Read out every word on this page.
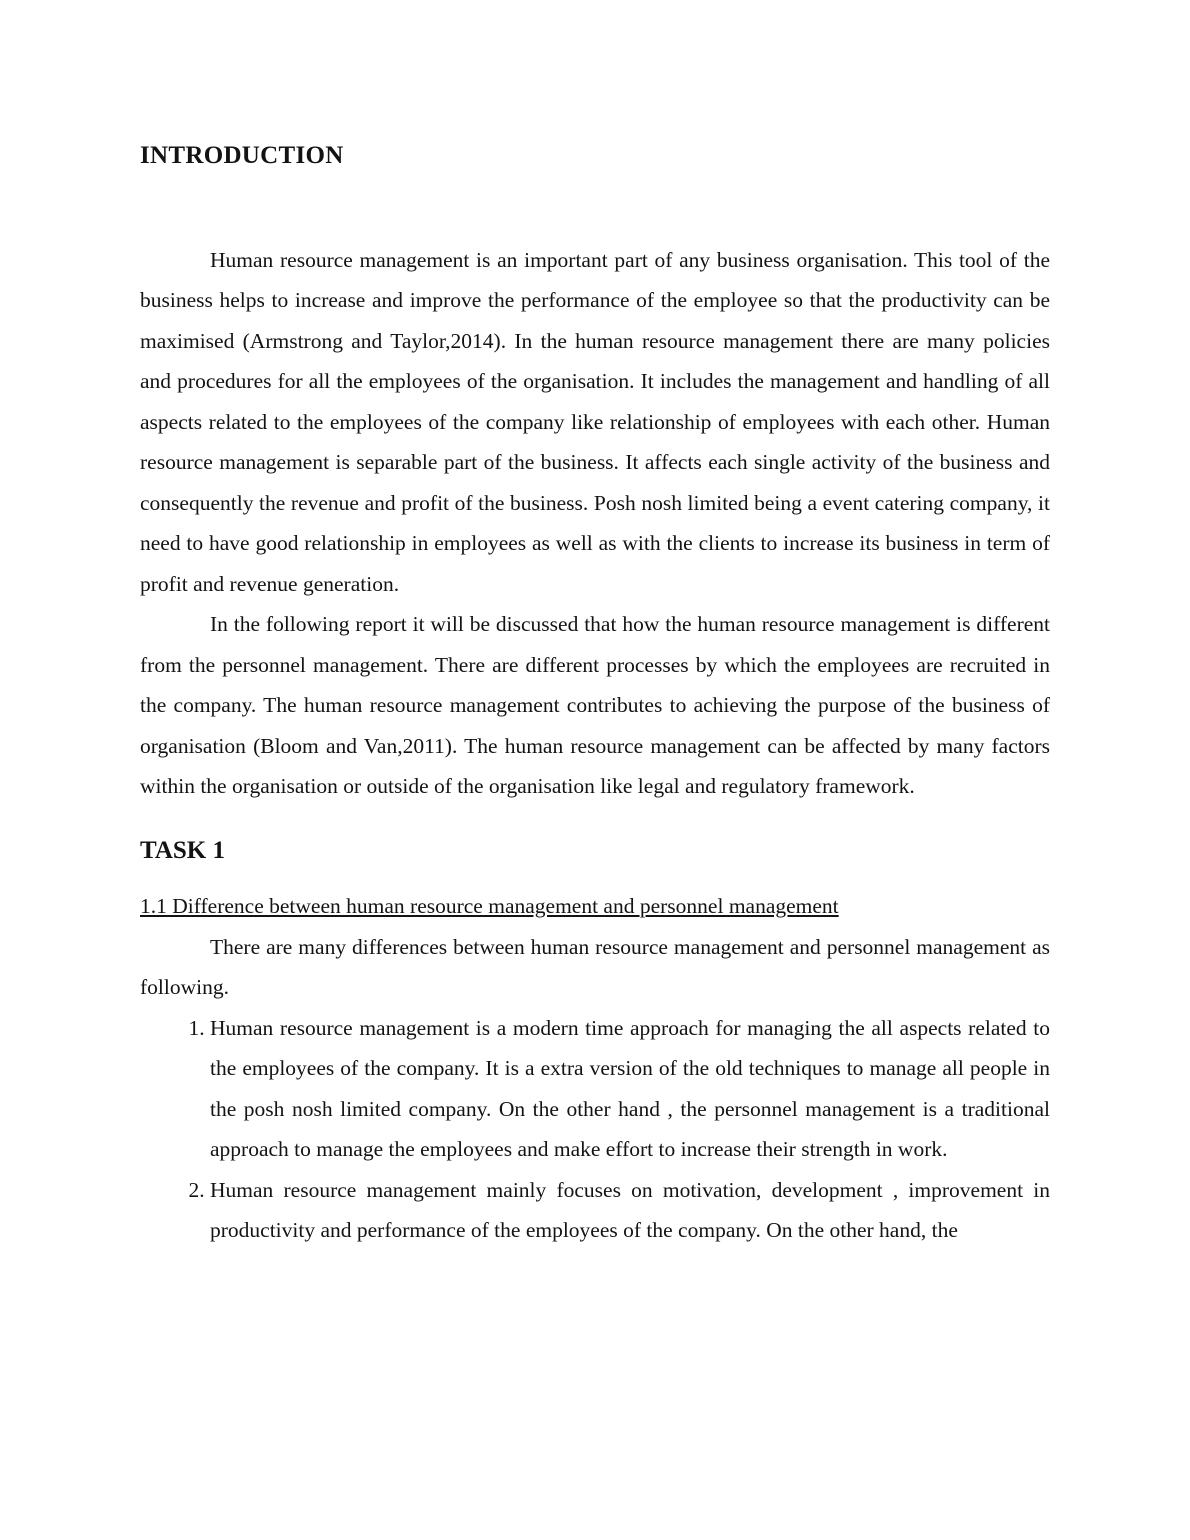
INTRODUCTION

Human resource management is an important part of any business organisation. This tool of the business helps to increase and improve the performance of the employee so that the productivity can be maximised (Armstrong and Taylor,2014). In the human resource management there are many policies and procedures for all the employees of the organisation. It includes the management and handling of all aspects related to the employees of the company like relationship of employees with each other. Human resource management is separable part of the business. It affects each single activity of the business and consequently the revenue and profit of the business. Posh nosh limited being a event catering company, it need to have good relationship in employees as well as with the clients to increase its business in term of profit and revenue generation.

In the following report it will be discussed that how the human resource management is different from the personnel management. There are different processes by which the employees are recruited in the company. The human resource management contributes to achieving the purpose of the business of organisation (Bloom and Van,2011). The human resource management can be affected by many factors within the organisation or outside of the organisation like legal and regulatory framework.

TASK 1
1.1 Difference between human resource management and personnel management

There are many differences between human resource management and personnel management as following.

1. Human resource management is a modern time approach for managing the all aspects related to the employees of the company. It is a extra version of the old techniques to manage all people in the posh nosh limited company. On the other hand , the personnel management is a traditional approach to manage the employees and make effort to increase their strength in work.
2. Human resource management mainly focuses on motivation, development , improvement in productivity and performance of the employees of the company. On the other hand, the
